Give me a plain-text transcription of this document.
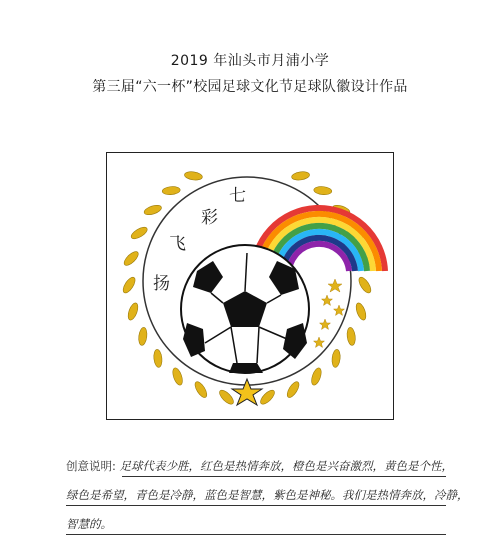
2019 年汕头市月浦小学
第三届“六一杯”校园足球文化节足球队徽设计作品
飞
扬
彩
七
创意说明: 足球代表少胜，红色是热情奔放，橙色是兴奋激烈，黄色是个性，
绿色是希望，青色是冷静，蓝色是智慧，紫色是神秘。我们是热情奔放，冷静，
智慧的。
